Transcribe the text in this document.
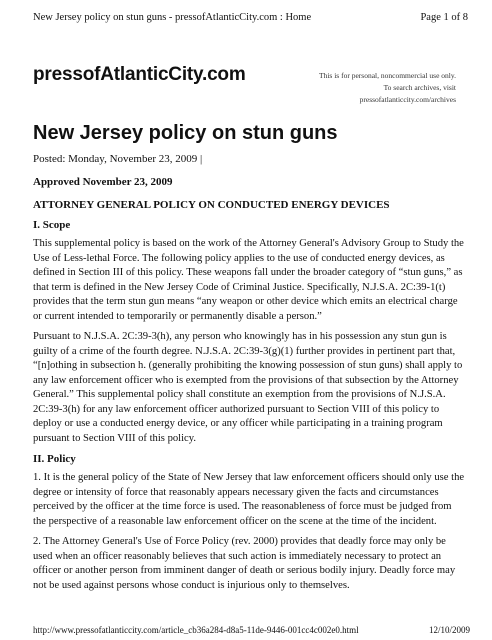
New Jersey policy on stun guns - pressofAtlanticCity.com : Home	Page 1 of 8
pressofAtlanticCity.com	This is for personal, noncommercial use only.
To search archives, visit
pressofatlanticcity.com/archives
New Jersey policy on stun guns

Posted: Monday, November 23, 2009 |

Approved November 23, 2009

ATTORNEY GENERAL POLICY ON CONDUCTED ENERGY DEVICES

I. Scope

This supplemental policy is based on the work of the Attorney General's Advisory Group to Study the Use of Less-lethal Force. The following policy applies to the use of conducted energy devices, as defined in Section III of this policy. These weapons fall under the broader category of “stun guns,” as that term is defined in the New Jersey Code of Criminal Justice. Specifically, N.J.S.A. 2C:39-1(t) provides that the term stun gun means “any weapon or other device which emits an electrical charge or current intended to temporarily or permanently disable a person.”

Pursuant to N.J.S.A. 2C:39-3(h), any person who knowingly has in his possession any stun gun is guilty of a crime of the fourth degree. N.J.S.A. 2C:39-3(g)(1) further provides in pertinent part that, “[n]othing in subsection h. (generally prohibiting the knowing possession of stun guns) shall apply to any law enforcement officer who is exempted from the provisions of that subsection by the Attorney General.” This supplemental policy shall constitute an exemption from the provisions of N.J.S.A. 2C:39-3(h) for any law enforcement officer authorized pursuant to Section VIII of this policy to deploy or use a conducted energy device, or any officer while participating in a training program pursuant to Section VIII of this policy.

II. Policy

1. It is the general policy of the State of New Jersey that law enforcement officers should only use the degree or intensity of force that reasonably appears necessary given the facts and circumstances perceived by the officer at the time force is used. The reasonableness of force must be judged from the perspective of a reasonable law enforcement officer on the scene at the time of the incident.

2. The Attorney General's Use of Force Policy (rev. 2000) provides that deadly force may only be used when an officer reasonably believes that such action is immediately necessary to protect an officer or another person from imminent danger of death or serious bodily injury. Deadly force may not be used against persons whose conduct is injurious only to themselves.

http://www.pressofatlanticcity.com/article_cb36a284-d8a5-11de-9446-001cc4c002e0.html	12/10/2009
